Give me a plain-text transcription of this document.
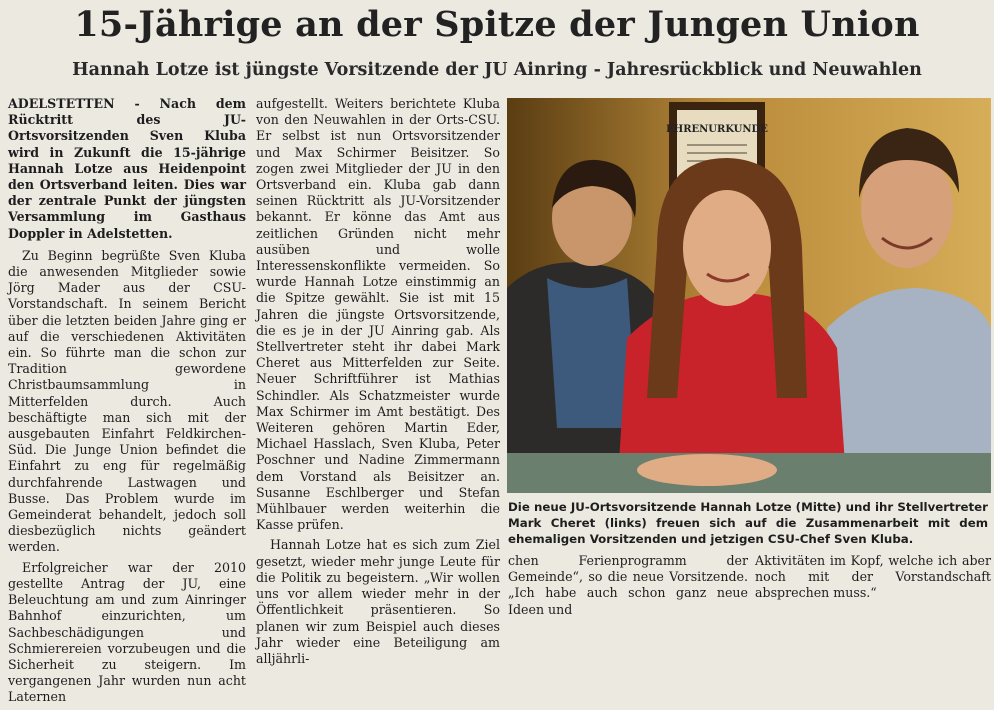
15-Jährige an der Spitze der Jungen Union
Hannah Lotze ist jüngste Vorsitzende der JU Ainring - Jahresrückblick und Neuwahlen

ADELSTETTEN - Nach dem Rücktritt des JU-Ortsvorsitzenden Sven Kluba wird in Zukunft die 15-jährige Hannah Lotze aus Heidenpoint den Ortsverband leiten. Dies war der zentrale Punkt der jüngsten Versammlung im Gasthaus Doppler in Adelstetten.

Zu Beginn begrüßte Sven Kluba die anwesenden Mitglieder sowie Jörg Mader aus der CSU-Vorstandschaft. In seinem Bericht über die letzten beiden Jahre ging er auf die verschiedenen Aktivitäten ein. So führte man die schon zur Tradition gewordene Christbaumsammlung in Mitterfelden durch. Auch beschäftigte man sich mit der ausgebauten Einfahrt Feldkirchen-Süd. Die Junge Union befindet die Einfahrt zu eng für regelmäßig durchfahrende Lastwagen und Busse. Das Problem wurde im Gemeinderat behandelt, jedoch soll diesbezüglich nichts geändert werden.

Erfolgreicher war der 2010 gestellte Antrag der JU, eine Beleuchtung am und zum Ainringer Bahnhof einzurichten, um Sachbeschädigungen und Schmierereien vorzubeugen und die Sicherheit zu steigern. Im vergangenen Jahr wurden nun acht Laternen

aufgestellt. Weiters berichtete Kluba von den Neuwahlen in der Orts-CSU. Er selbst ist nun Ortsvorsitzender und Max Schirmer Beisitzer. So zogen zwei Mitglieder der JU in den Ortsverband ein. Kluba gab dann seinen Rücktritt als JU-Vorsitzender bekannt. Er könne das Amt aus zeitlichen Gründen nicht mehr ausüben und wolle Interessenskonflikte vermeiden. So wurde Hannah Lotze einstimmig an die Spitze gewählt. Sie ist mit 15 Jahren die jüngste Ortsvorsitzende, die es je in der JU Ainring gab. Als Stellvertreter steht ihr dabei Mark Cheret aus Mitterfelden zur Seite. Neuer Schriftführer ist Mathias Schindler. Als Schatzmeister wurde Max Schirmer im Amt bestätigt. Des Weiteren gehören Martin Eder, Michael Hasslach, Sven Kluba, Peter Poschner und Nadine Zimmermann dem Vorstand als Beisitzer an. Susanne Eschlberger und Stefan Mühlbauer werden weiterhin die Kasse prüfen.

Hannah Lotze hat es sich zum Ziel gesetzt, wieder mehr junge Leute für die Politik zu begeistern. „Wir wollen uns vor allem wieder mehr in der Öffentlichkeit präsentieren. So planen wir zum Beispiel auch dieses Jahr wieder eine Beteiligung am alljährli-

EHRENURKUNDE
Die neue JU-Ortsvorsitzende Hannah Lotze (Mitte) und ihr Stellvertreter Mark Cheret (links) freuen sich auf die Zusammenarbeit mit dem ehemaligen Vorsitzenden und jetzigen CSU-Chef Sven Kluba.

chen Ferienprogramm der Gemeinde“, so die neue Vorsitzende. „Ich habe auch schon ganz neue Ideen und

Aktivitäten im Kopf, welche ich aber noch mit der Vorstandschaft absprechen muss.“
